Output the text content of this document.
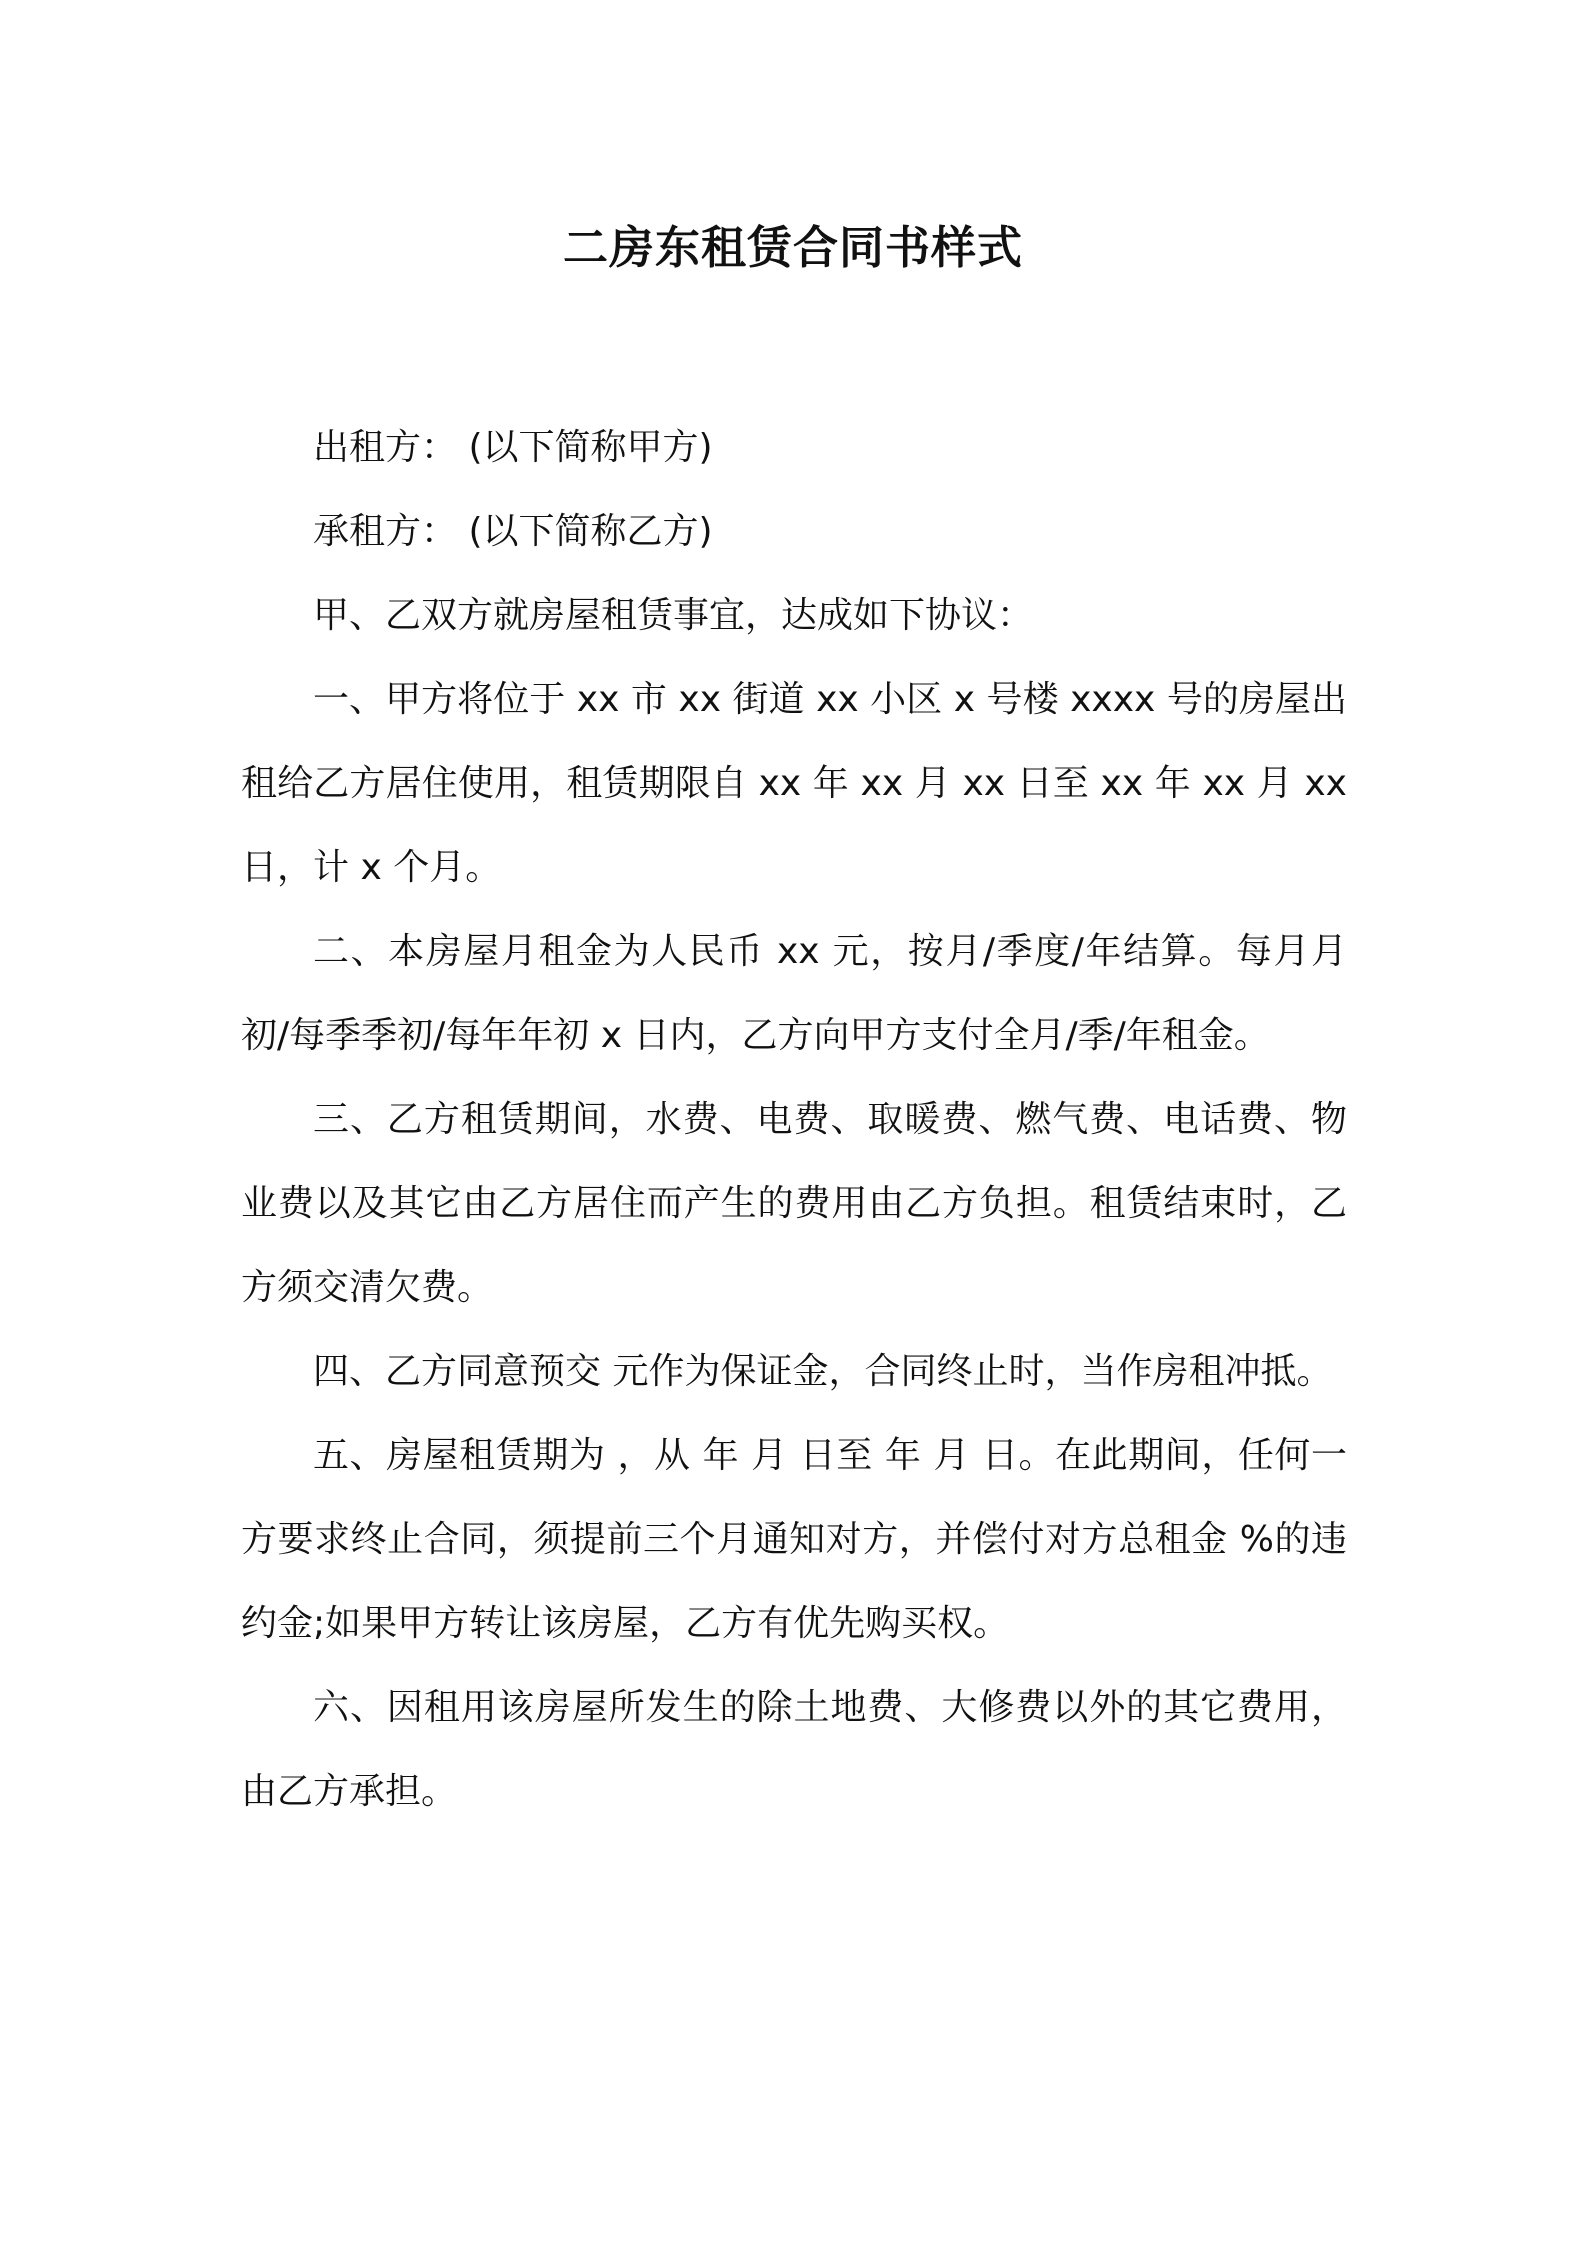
二房东租赁合同书样式

出租方： (以下简称甲方)

承租方： (以下简称乙方)

甲、乙双方就房屋租赁事宜，达成如下协议：

一、甲方将位于 xx 市 xx 街道 xx 小区 x 号楼 xxxx 号的房屋出租给乙方居住使用，租赁期限自 xx 年 xx 月 xx 日至 xx 年 xx 月 xx 日，计 x 个月。

二、本房屋月租金为人民币 xx 元，按月/季度/年结算。每月月初/每季季初/每年年初 x 日内，乙方向甲方支付全月/季/年租金。

三、乙方租赁期间，水费、电费、取暖费、燃气费、电话费、物业费以及其它由乙方居住而产生的费用由乙方负担。租赁结束时，乙方须交清欠费。

四、乙方同意预交 元作为保证金，合同终止时，当作房租冲抵。

五、房屋租赁期为 ，从 年 月 日至 年 月 日。在此期间，任何一方要求终止合同，须提前三个月通知对方，并偿付对方总租金 %的违约金;如果甲方转让该房屋，乙方有优先购买权。

六、因租用该房屋所发生的除土地费、大修费以外的其它费用，由乙方承担。
